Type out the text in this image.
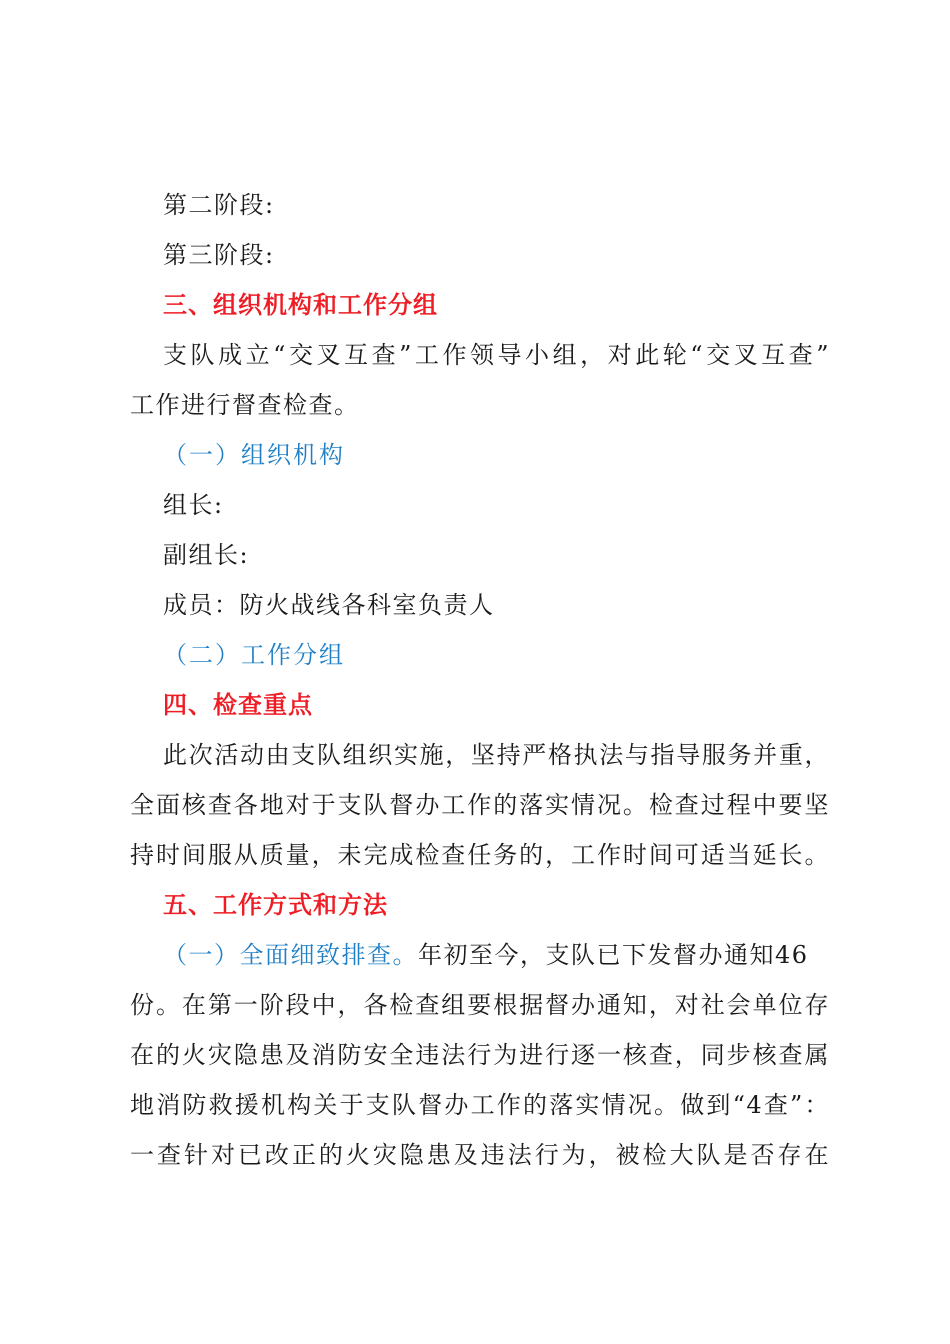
第二阶段:
第三阶段:
三、组织机构和工作分组
支队成立“交叉互查”工作领导小组，对此轮“交叉互查”
工作进行督查检查。
（一）组织机构
组长:
副组长:
成员：防火战线各科室负责人
（二）工作分组
四、检查重点
此次活动由支队组织实施，坚持严格执法与指导服务并重，
全面核查各地对于支队督办工作的落实情况。检查过程中要坚
持时间服从质量，未完成检查任务的，工作时间可适当延长。
五、工作方式和方法
（一）全面细致排查。年初至今，支队已下发督办通知46
份。在第一阶段中，各检查组要根据督办通知，对社会单位存
在的火灾隐患及消防安全违法行为进行逐一核查，同步核查属
地消防救援机构关于支队督办工作的落实情况。做到“4查”：
一查针对已改正的火灾隐患及违法行为，被检大队是否存在
